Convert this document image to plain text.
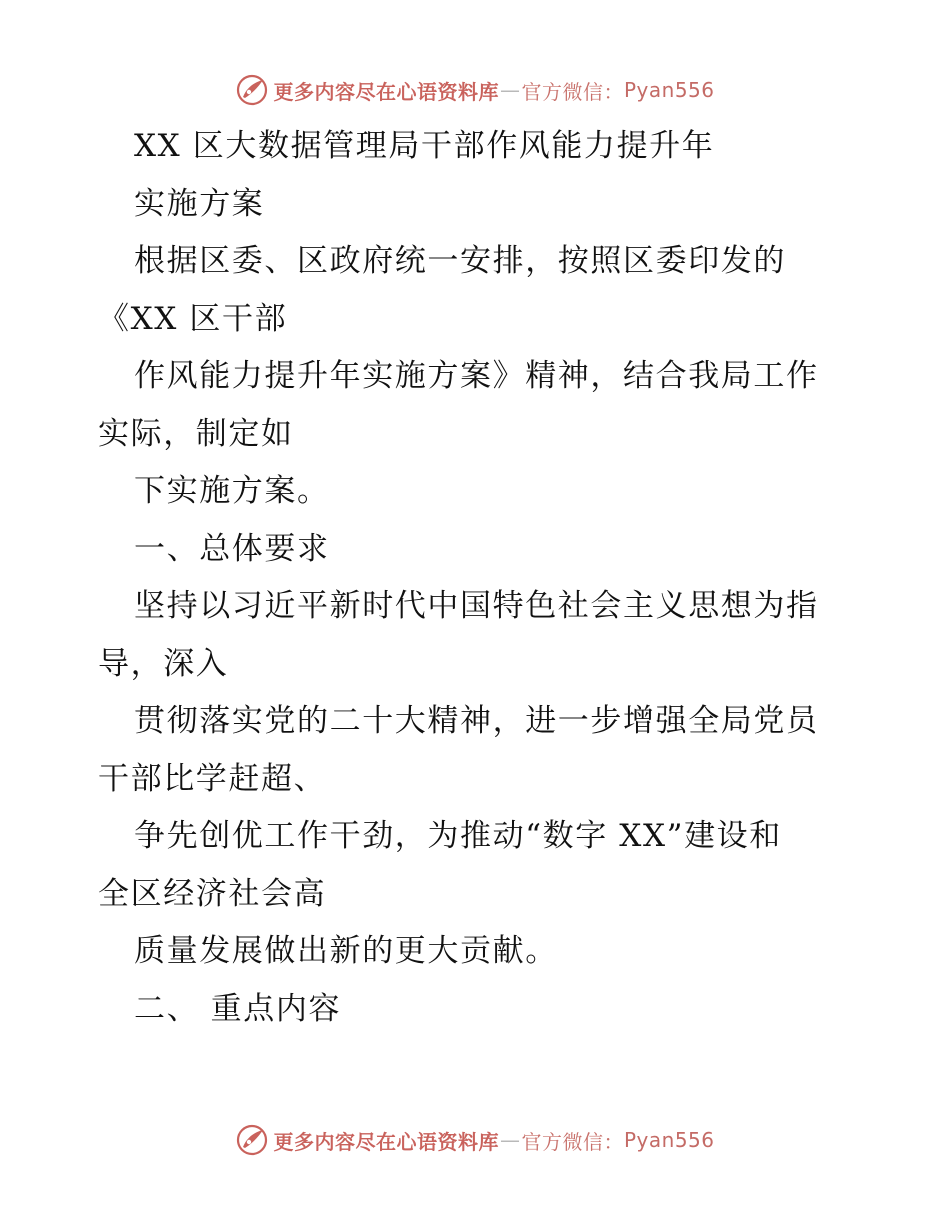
更多内容尽在心语资料库 — 官方微信： Pyan556

XX 区大数据管理局干部作风能力提升年

实施方案

根据区委、区政府统一安排，按照区委印发的

《XX 区干部

作风能力提升年实施方案》精神，结合我局工作

实际，制定如

下实施方案。

一、总体要求

坚持以习近平新时代中国特色社会主义思想为指

导，深入

贯彻落实党的二十大精神，进一步增强全局党员

干部比学赶超、

争先创优工作干劲，为推动“数字 XX”建设和

全区经济社会高

质量发展做出新的更大贡献。

二、 重点内容

更多内容尽在心语资料库 — 官方微信： Pyan556
